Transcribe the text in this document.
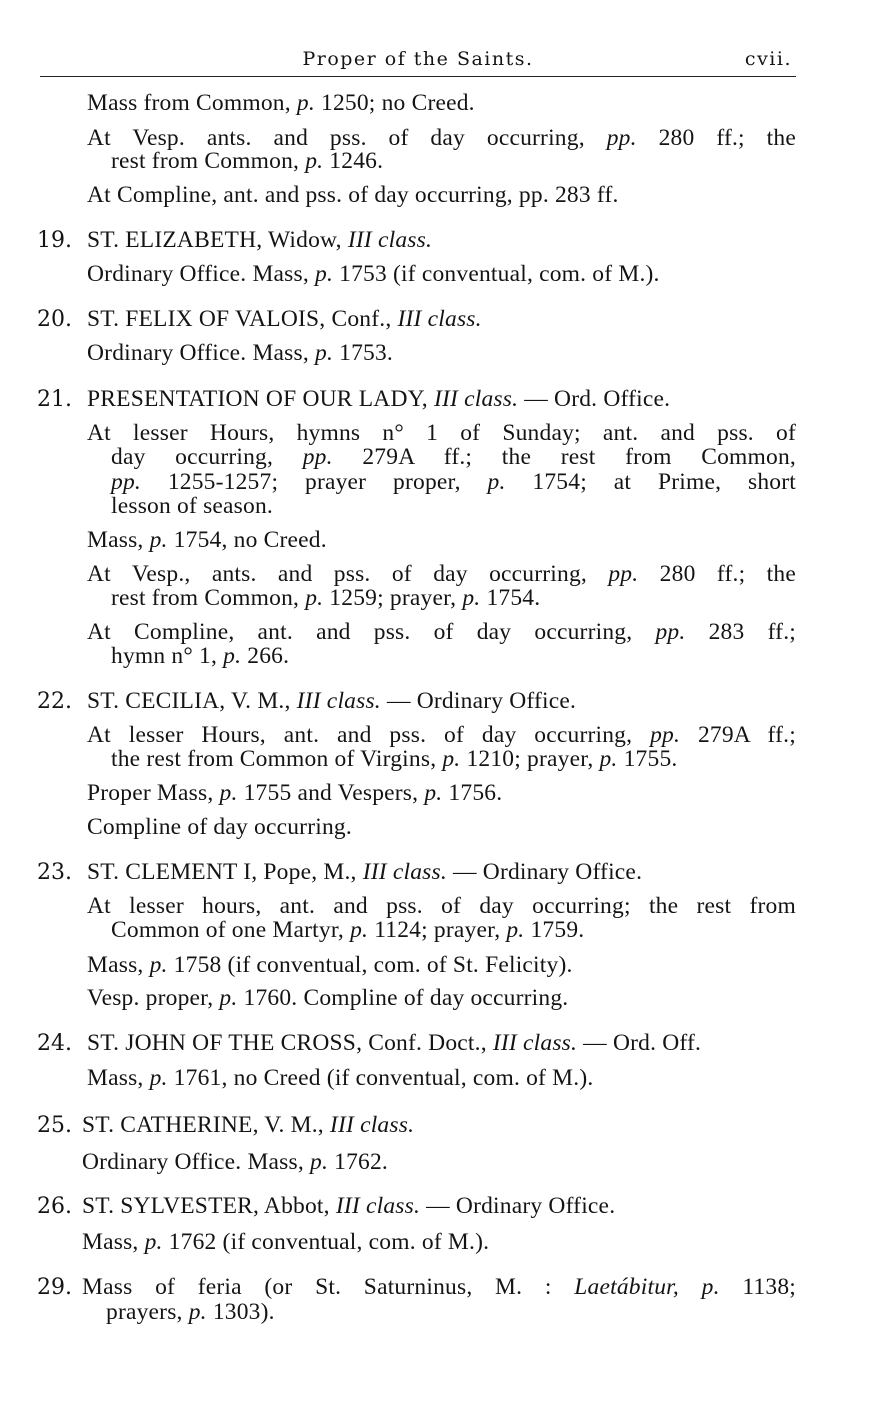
Proper of the Saints.	cvii.
Mass from Common, p. 1250; no Creed.
At Vesp. ants. and pss. of day occurring, pp. 280 ff.; the
rest from Common, p. 1246.
At Compline, ant. and pss. of day occurring, pp. 283 ff.
19. ST. ELIZABETH, Widow, III class.
Ordinary Office. Mass, p. 1753 (if conventual, com. of M.).
20. ST. FELIX OF VALOIS, Conf., III class.
Ordinary Office. Mass, p. 1753.
21. PRESENTATION OF OUR LADY, III class. — Ord. Office.
At lesser Hours, hymns n° 1 of Sunday; ant. and pss. of
day occurring, pp. 279A ff.; the rest from Common,
pp. 1255-1257; prayer proper, p. 1754; at Prime, short
lesson of season.
Mass, p. 1754, no Creed.
At Vesp., ants. and pss. of day occurring, pp. 280 ff.; the
rest from Common, p. 1259; prayer, p. 1754.
At Compline, ant. and pss. of day occurring, pp. 283 ff.;
hymn n° 1, p. 266.
22. ST. CECILIA, V. M., III class. — Ordinary Office.
At lesser Hours, ant. and pss. of day occurring, pp. 279A ff.;
the rest from Common of Virgins, p. 1210; prayer, p. 1755.
Proper Mass, p. 1755 and Vespers, p. 1756.
Compline of day occurring.
23. ST. CLEMENT I, Pope, M., III class. — Ordinary Office.
At lesser hours, ant. and pss. of day occurring; the rest from
Common of one Martyr, p. 1124; prayer, p. 1759.
Mass, p. 1758 (if conventual, com. of St. Felicity).
Vesp. proper, p. 1760. Compline of day occurring.
24. ST. JOHN OF THE CROSS, Conf. Doct., III class. — Ord. Off.
Mass, p. 1761, no Creed (if conventual, com. of M.).
25. ST. CATHERINE, V. M., III class.
Ordinary Office. Mass, p. 1762.
26. ST. SYLVESTER, Abbot, III class. — Ordinary Office.
Mass, p. 1762 (if conventual, com. of M.).
29. Mass of feria (or St. Saturninus, M. : Laetábitur, p. 1138;
prayers, p. 1303).
